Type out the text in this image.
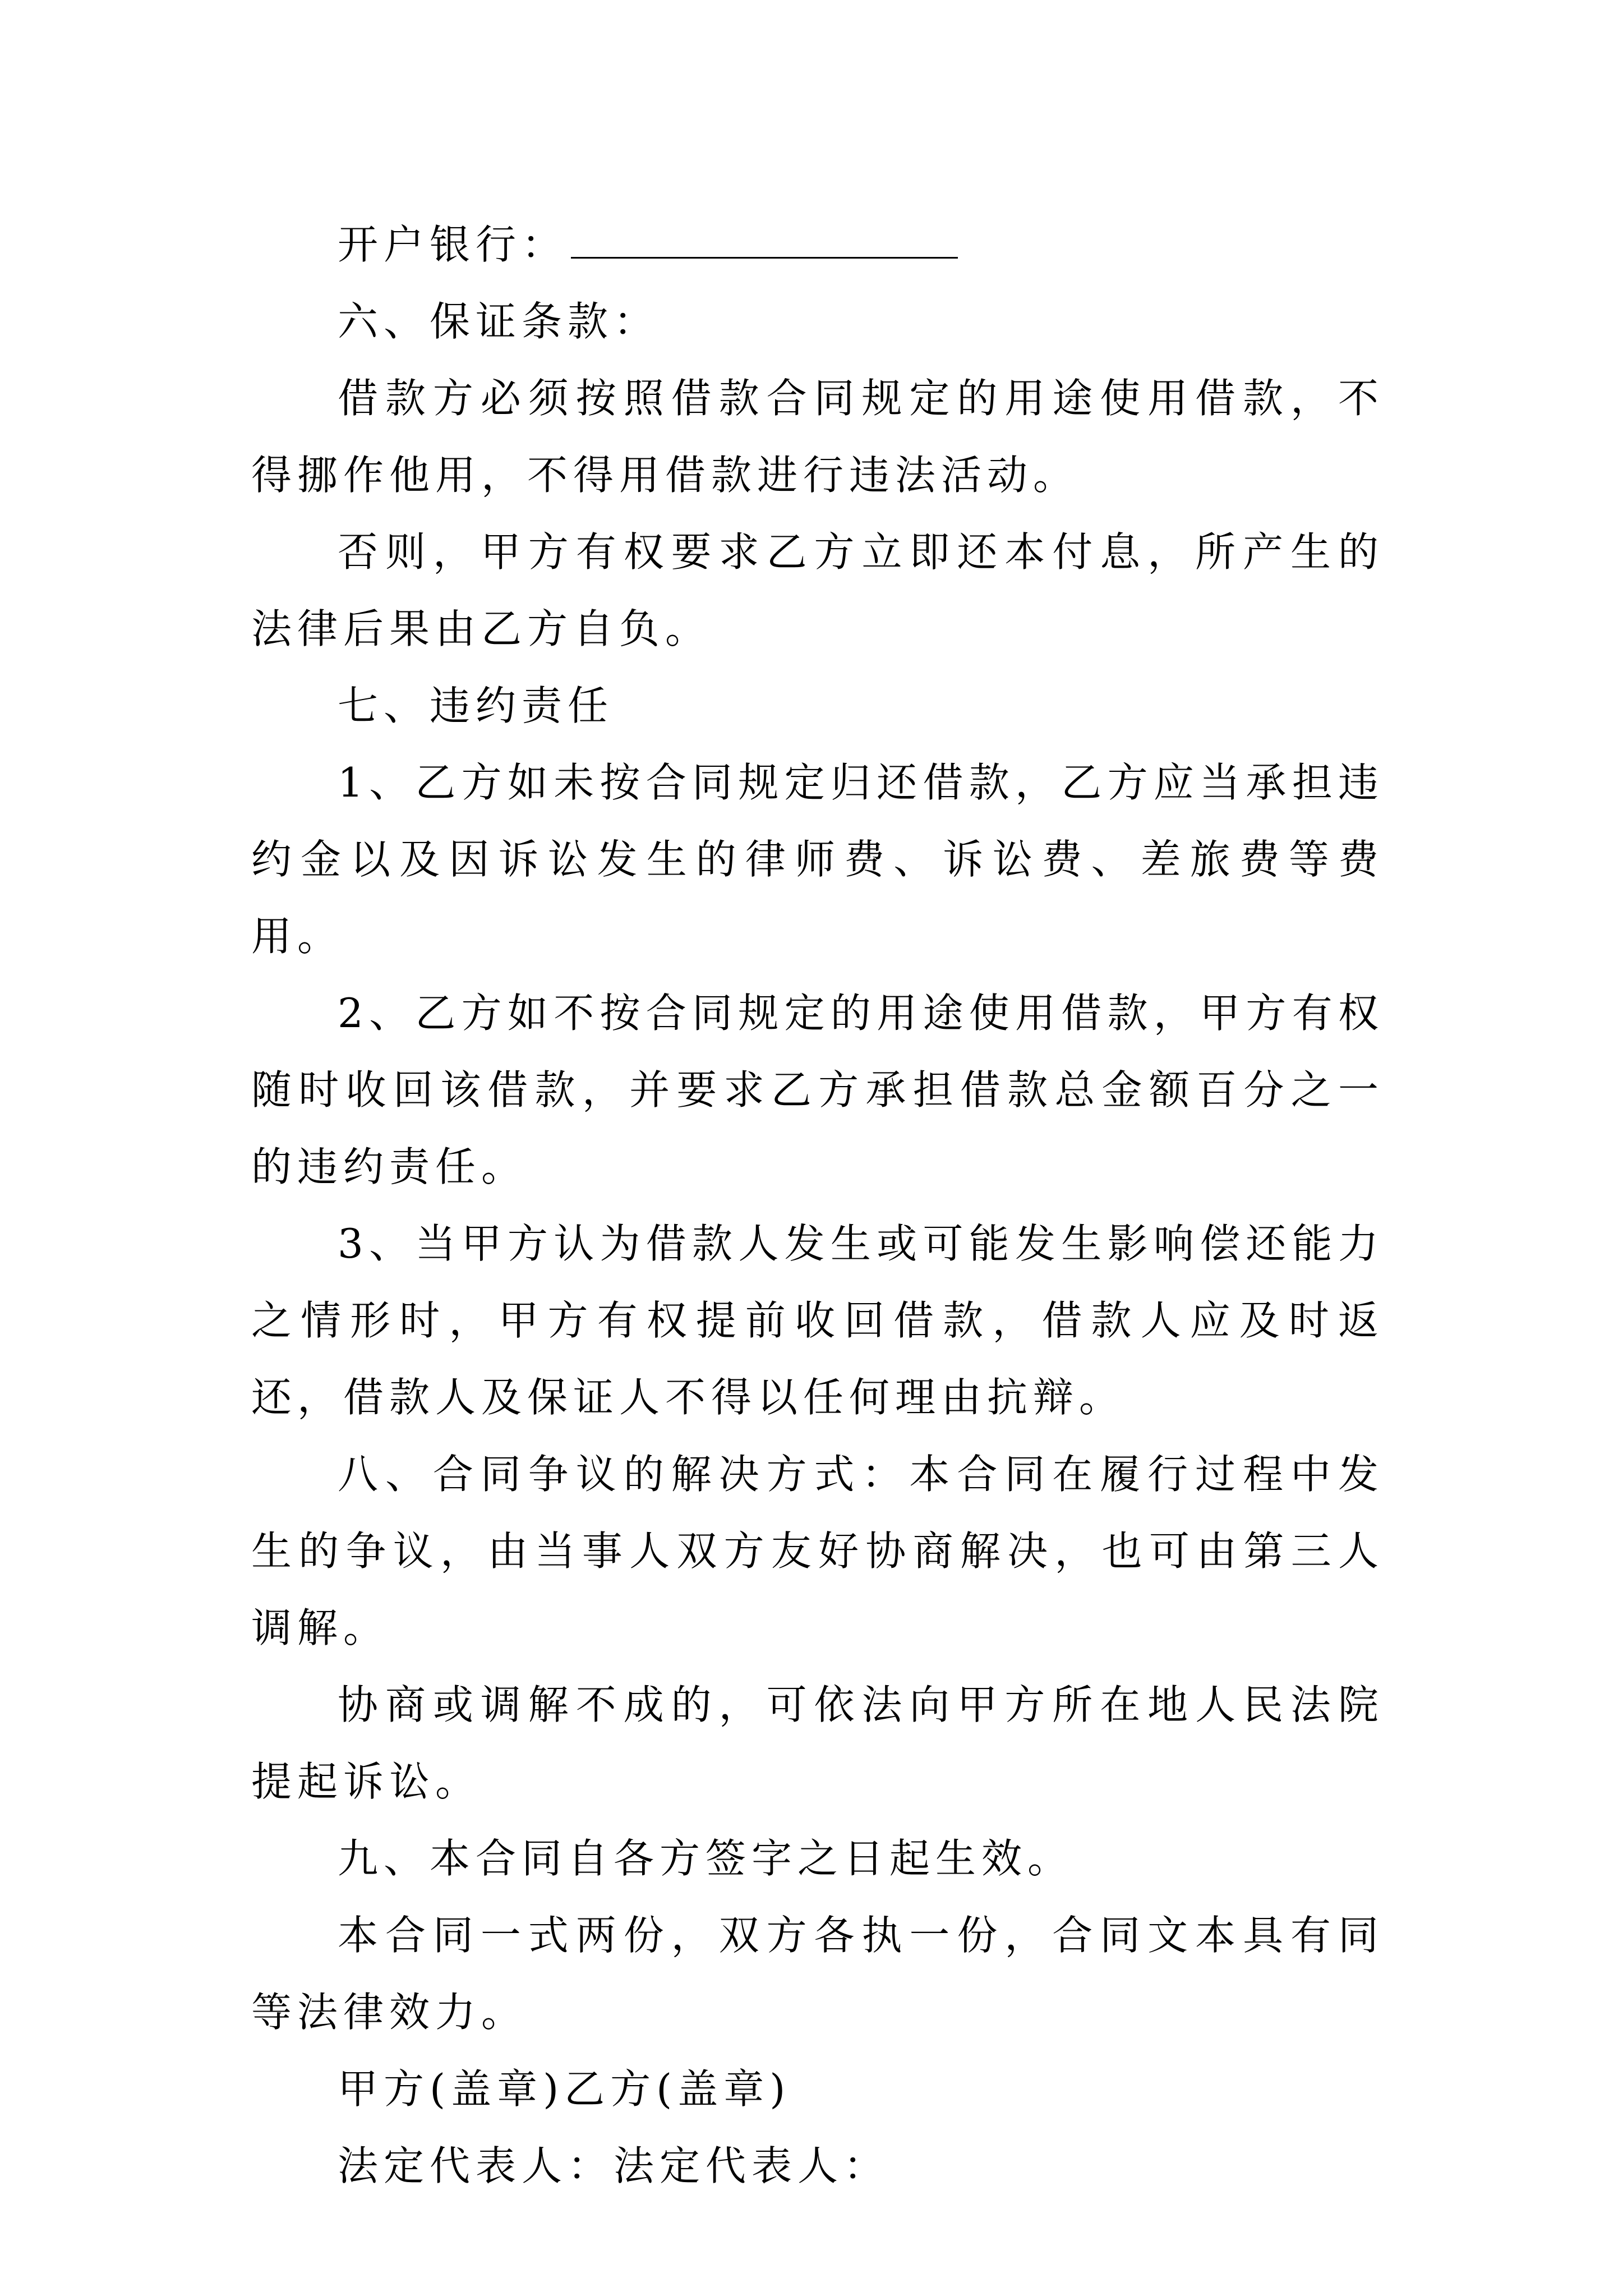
开户银行：

六、保证条款：

借款方必须按照借款合同规定的用途使用借款，不得挪作他用，不得用借款进行违法活动。

否则，甲方有权要求乙方立即还本付息，所产生的法律后果由乙方自负。

七、违约责任

1、乙方如未按合同规定归还借款，乙方应当承担违约金以及因诉讼发生的律师费、诉讼费、差旅费等费用。

2、乙方如不按合同规定的用途使用借款，甲方有权随时收回该借款，并要求乙方承担借款总金额百分之一的违约责任。

3、当甲方认为借款人发生或可能发生影响偿还能力之情形时，甲方有权提前收回借款，借款人应及时返还，借款人及保证人不得以任何理由抗辩。

八、合同争议的解决方式：本合同在履行过程中发生的争议，由当事人双方友好协商解决，也可由第三人调解。

协商或调解不成的，可依法向甲方所在地人民法院提起诉讼。

九、本合同自各方签字之日起生效。

本合同一式两份，双方各执一份，合同文本具有同等法律效力。

甲方(盖章)乙方(盖章)

法定代表人：法定代表人：
